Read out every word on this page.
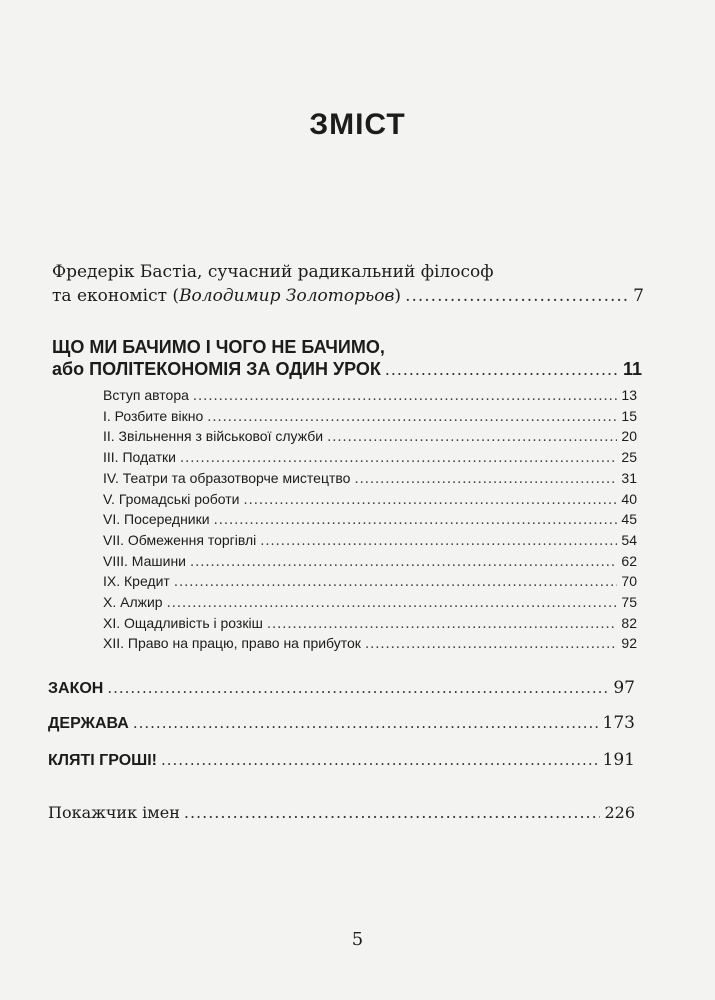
ЗМІСТ
Фредерік Бастіа, сучасний радикальний філософ
та економіст (Володимир Золоторьов) .....	7
ЩО МИ БАЧИМО І ЧОГО НЕ БАЧИМО,
або ПОЛІТЕКОНОМІЯ ЗА ОДИН УРОК .....	11
Вступ автора .....	13
I. Розбите вікно .....	15
II. Звільнення з військової служби .....	20
III. Податки .....	25
IV. Театри та образотворче мистецтво .....	31
V. Громадські роботи .....	40
VI. Посередники .....	45
VII. Обмеження торгівлі .....	54
VIII. Машини .....	62
IX. Кредит .....	70
X. Алжир .....	75
XI. Ощадливість і розкіш .....	82
XII. Право на працю, право на прибуток .....	92
ЗАКОН .....	97
ДЕРЖАВА .....	173
КЛЯТІ ГРОШІ! .....	191
Покажчик імен .....	226
5
